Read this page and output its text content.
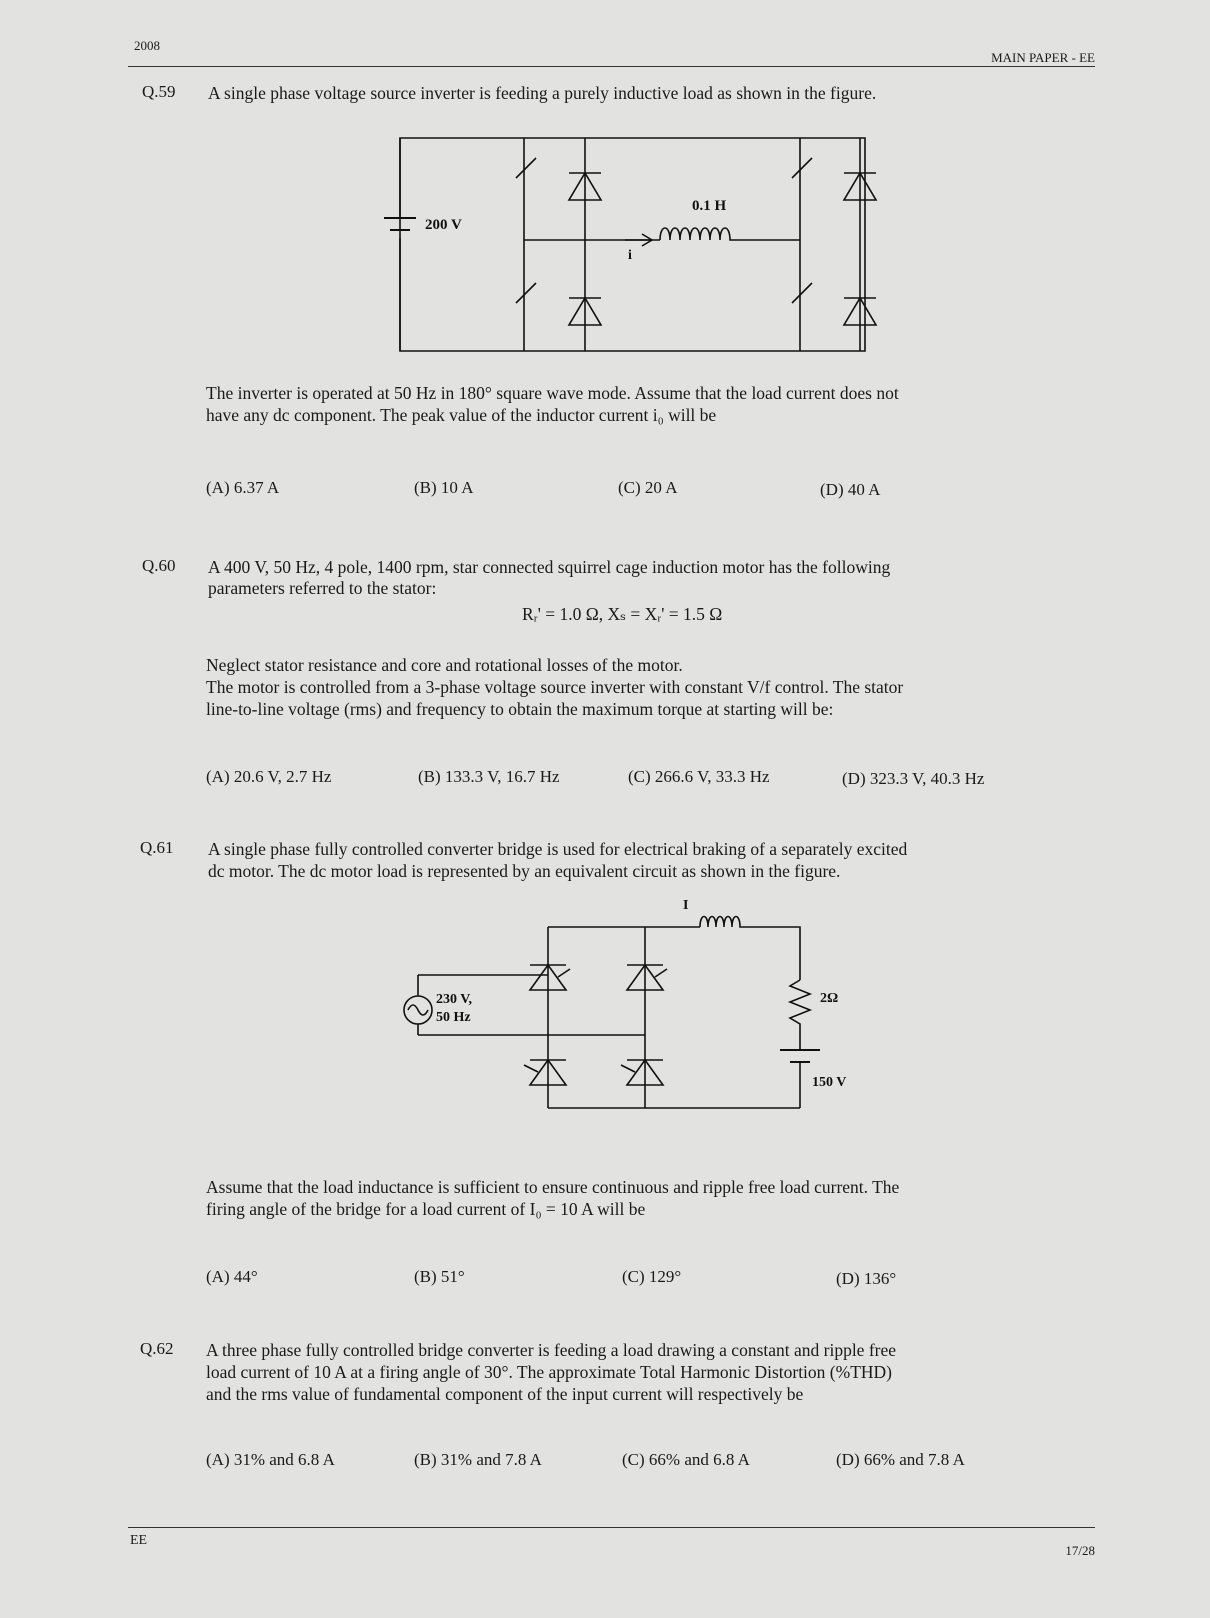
2008
MAIN PAPER - EE
Q.59 A single phase voltage source inverter is feeding a purely inductive load as shown in the figure.
200 V
0.1 H
i
The inverter is operated at 50 Hz in 180° square wave mode. Assume that the load current does not
have any dc component. The peak value of the inductor current i₀ will be
(A) 6.37 A	(B) 10 A	(C) 20 A	(D) 40 A
Q.60 A 400 V, 50 Hz, 4 pole, 1400 rpm, star connected squirrel cage induction motor has the following
parameters referred to the stator:
Rᵣ' = 1.0 Ω, Xₛ = Xᵣ' = 1.5 Ω
Neglect stator resistance and core and rotational losses of the motor.
The motor is controlled from a 3-phase voltage source inverter with constant V/f control. The stator
line-to-line voltage (rms) and frequency to obtain the maximum torque at starting will be:
(A) 20.6 V, 2.7 Hz	(B) 133.3 V, 16.7 Hz	(C) 266.6 V, 33.3 Hz	(D) 323.3 V, 40.3 Hz
Q.61 A single phase fully controlled converter bridge is used for electrical braking of a separately excited
dc motor. The dc motor load is represented by an equivalent circuit as shown in the figure.
I
230 V,
50 Hz
2Ω
150 V
Assume that the load inductance is sufficient to ensure continuous and ripple free load current. The
firing angle of the bridge for a load current of I₀ = 10 A will be
(A) 44°	(B) 51°	(C) 129°	(D) 136°
Q.62 A three phase fully controlled bridge converter is feeding a load drawing a constant and ripple free
load current of 10 A at a firing angle of 30°. The approximate Total Harmonic Distortion (%THD)
and the rms value of fundamental component of the input current will respectively be
(A) 31% and 6.8 A	(B) 31% and 7.8 A	(C) 66% and 6.8 A	(D) 66% and 7.8 A
EE
17/28
